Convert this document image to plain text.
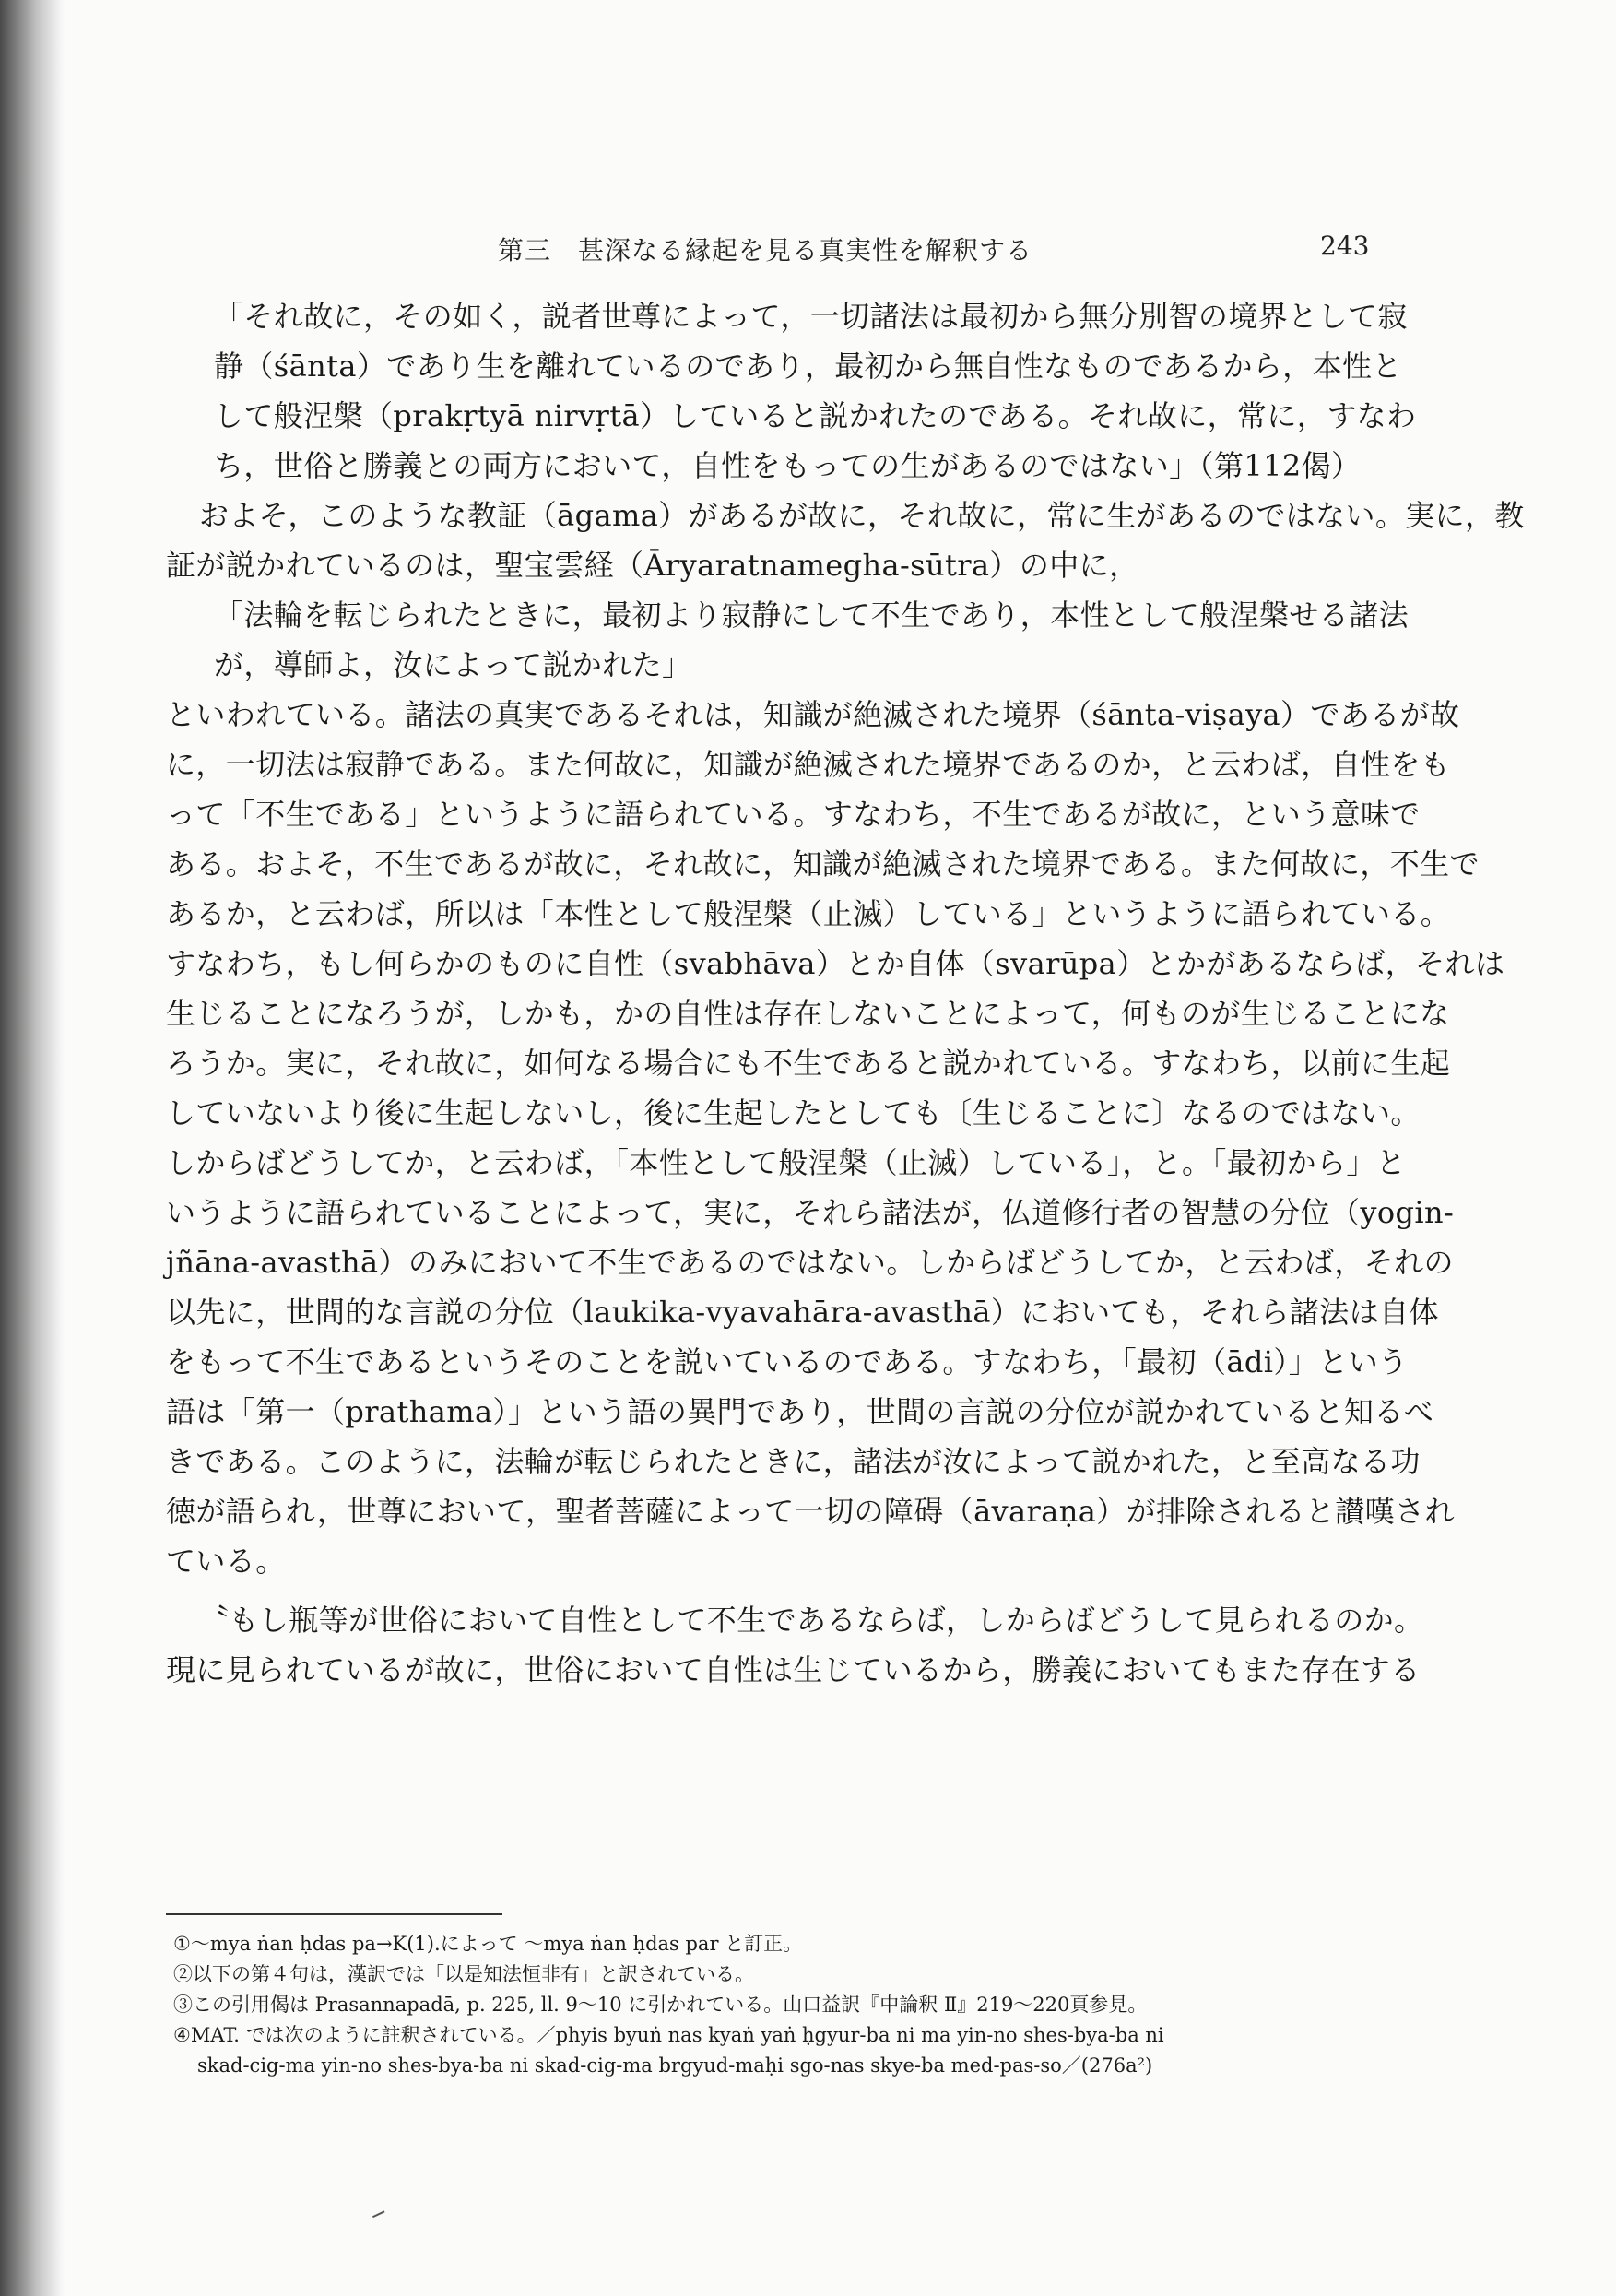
第三　甚深なる縁起を見る真実性を解釈する	243
「それ故に，その如く，説者世尊によって，一切諸法は最初から無分別智の境界として寂
静（śānta）であり生を離れているのであり，最初から無自性なものであるから，本性と
して般涅槃（prakṛtyā nirvṛtā）していると説かれたのである。それ故に，常に，すなわ
ち，世俗と勝義との両方において，自性をもっての生があるのではない」（第112偈）
およそ，このような教証（āgama）があるが故に，それ故に，常に生があるのではない。実に，教
証が説かれているのは，聖宝雲経（Āryaratnamegha-sūtra）の中に，
「法輪を転じられたときに，最初より寂静にして不生であり，本性として般涅槃せる諸法
が，導師よ，汝によって説かれた」
といわれている。諸法の真実であるそれは，知識が絶滅された境界（śānta-viṣaya）であるが故
に，一切法は寂静である。また何故に，知識が絶滅された境界であるのか，と云わば，自性をも
って「不生である」というように語られている。すなわち，不生であるが故に，という意味で
ある。およそ，不生であるが故に，それ故に，知識が絶滅された境界である。また何故に，不生で
あるか，と云わば，所以は「本性として般涅槃（止滅）している」というように語られている。
すなわち，もし何らかのものに自性（svabhāva）とか自体（svarūpa）とかがあるならば，それは
生じることになろうが，しかも，かの自性は存在しないことによって，何ものが生じることにな
ろうか。実に，それ故に，如何なる場合にも不生であると説かれている。すなわち，以前に生起
していないより後に生起しないし，後に生起したとしても〔生じることに〕なるのではない。
しからばどうしてか，と云わば，「本性として般涅槃（止滅）している」，と。「最初から」と
いうように語られていることによって，実に，それら諸法が，仏道修行者の智慧の分位（yogin-
jñāna-avasthā）のみにおいて不生であるのではない。しからばどうしてか，と云わば，それの
以先に，世間的な言説の分位（laukika-vyavahāra-avasthā）においても，それら諸法は自体
をもって不生であるというそのことを説いているのである。すなわち，「最初（ādi）」という
語は「第一（prathama）」という語の異門であり，世間の言説の分位が説かれていると知るべ
きである。このように，法輪が転じられたときに，諸法が汝によって説かれた，と至高なる功
徳が語られ，世尊において，聖者菩薩によって一切の障碍（āvaraṇa）が排除されると讃嘆され
ている。
〝もし瓶等が世俗において自性として不生であるならば，しからばどうして見られるのか。
現に見られているが故に，世俗において自性は生じているから，勝義においてもまた存在する
①～mya ṅan ḥdas pa→K(1).によって ～mya ṅan ḥdas par と訂正。
②以下の第４句は，漢訳では「以是知法恒非有」と訳されている。
③この引用偈は Prasannapadā, p. 225, ll. 9～10 に引かれている。山口益訳『中論釈 Ⅱ』219～220頁参見。
④MAT. では次のように註釈されている。／phyis byuṅ nas kyaṅ yaṅ ḥgyur-ba ni ma yin-no shes-bya-ba ni
skad-cig-ma yin-no shes-bya-ba ni skad-cig-ma brgyud-maḥi sgo-nas skye-ba med-pas-so／(276a²)
